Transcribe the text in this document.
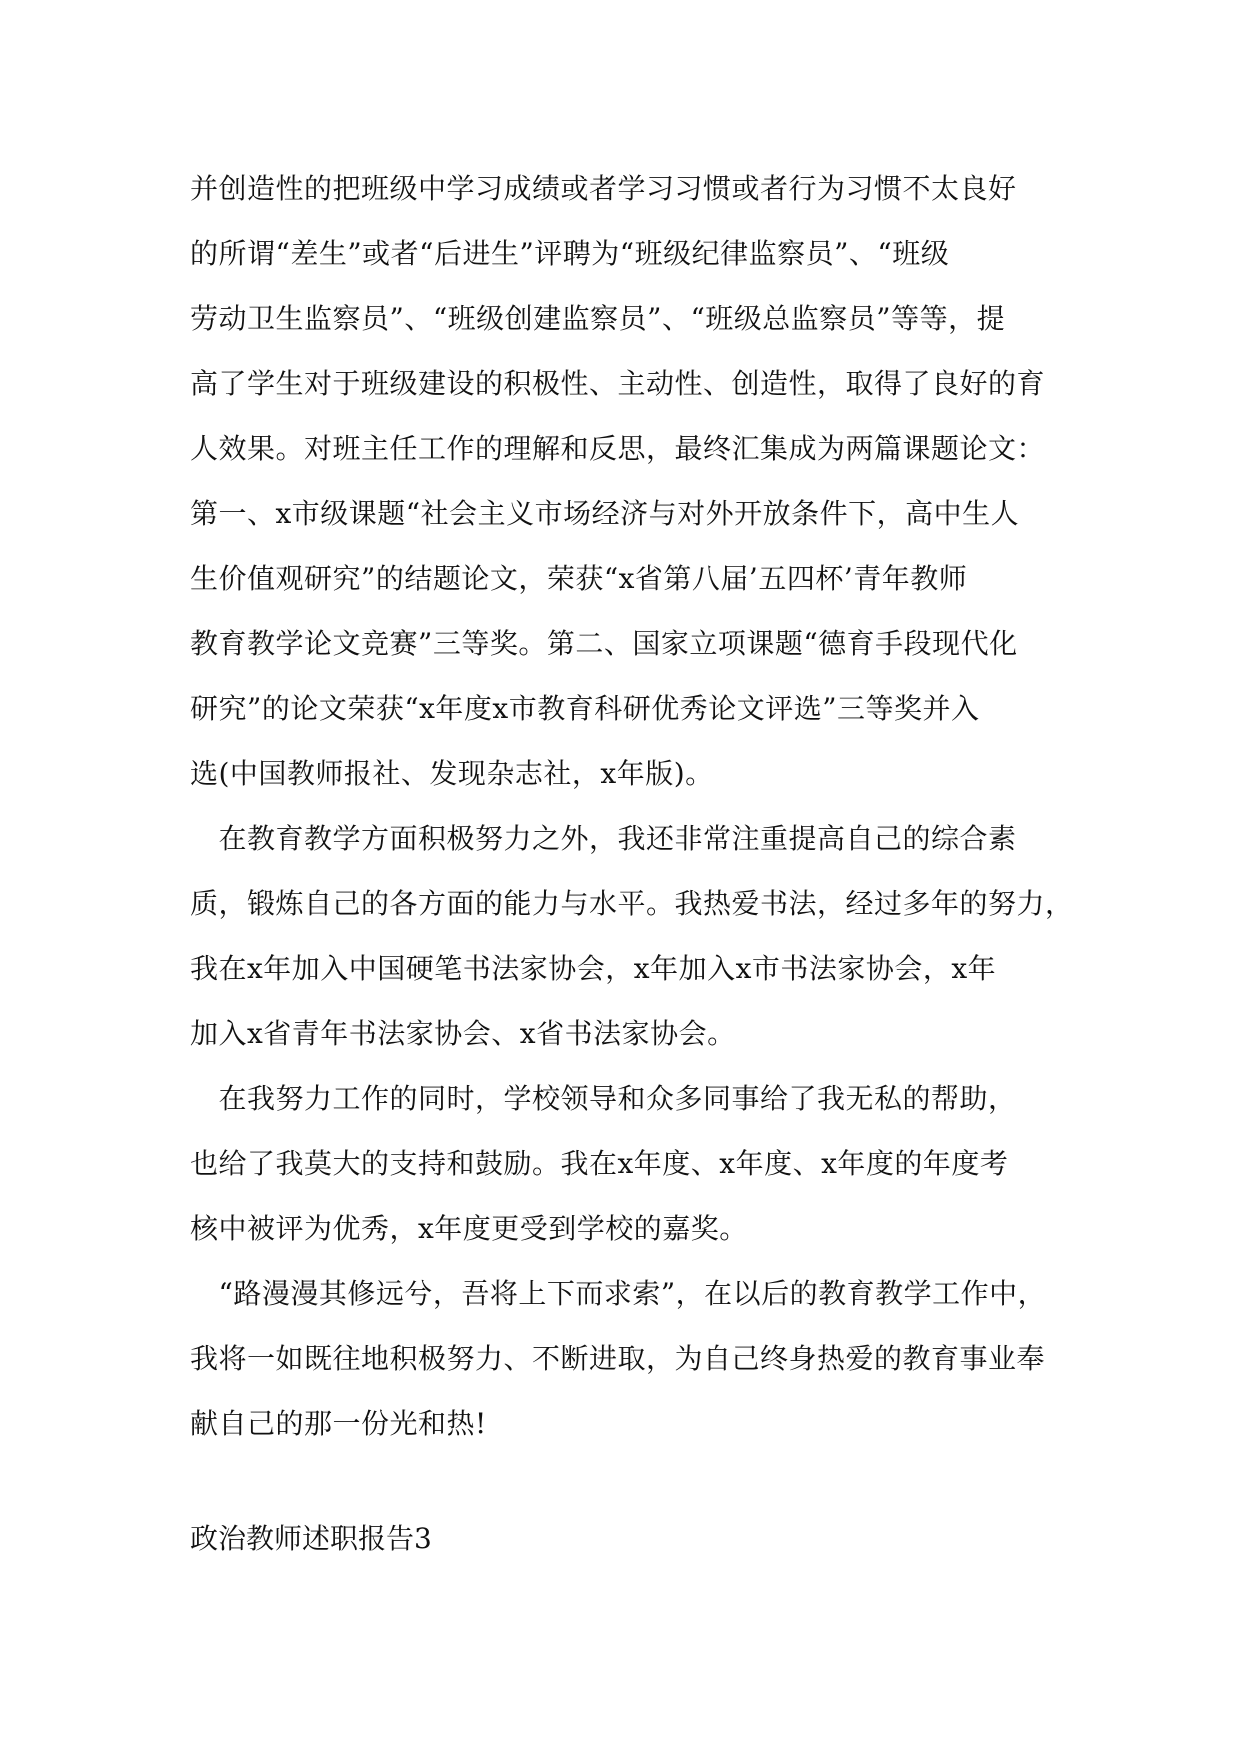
并创造性的把班级中学习成绩或者学习习惯或者行为习惯不太良好
的所谓“差生”或者“后进生”评聘为“班级纪律监察员”、“班级
劳动卫生监察员”、“班级创建监察员”、“班级总监察员”等等，提
高了学生对于班级建设的积极性、主动性、创造性，取得了良好的育
人效果。对班主任工作的理解和反思，最终汇集成为两篇课题论文：
第一、x市级课题“社会主义市场经济与对外开放条件下，高中生人
生价值观研究”的结题论文，荣获“x省第八届’五四杯’青年教师
教育教学论文竞赛”三等奖。第二、国家立项课题“德育手段现代化
研究”的论文荣获“x年度x市教育科研优秀论文评选”三等奖并入
选(中国教师报社、发现杂志社，x年版)。
　在教育教学方面积极努力之外，我还非常注重提高自己的综合素
质，锻炼自己的各方面的能力与水平。我热爱书法，经过多年的努力，
我在x年加入中国硬笔书法家协会，x年加入x市书法家协会，x年
加入x省青年书法家协会、x省书法家协会。
　在我努力工作的同时，学校领导和众多同事给了我无私的帮助，
也给了我莫大的支持和鼓励。我在x年度、x年度、x年度的年度考
核中被评为优秀，x年度更受到学校的嘉奖。
　“路漫漫其修远兮，吾将上下而求索”，在以后的教育教学工作中，
我将一如既往地积极努力、不断进取，为自己终身热爱的教育事业奉
献自己的那一份光和热!
政治教师述职报告3
